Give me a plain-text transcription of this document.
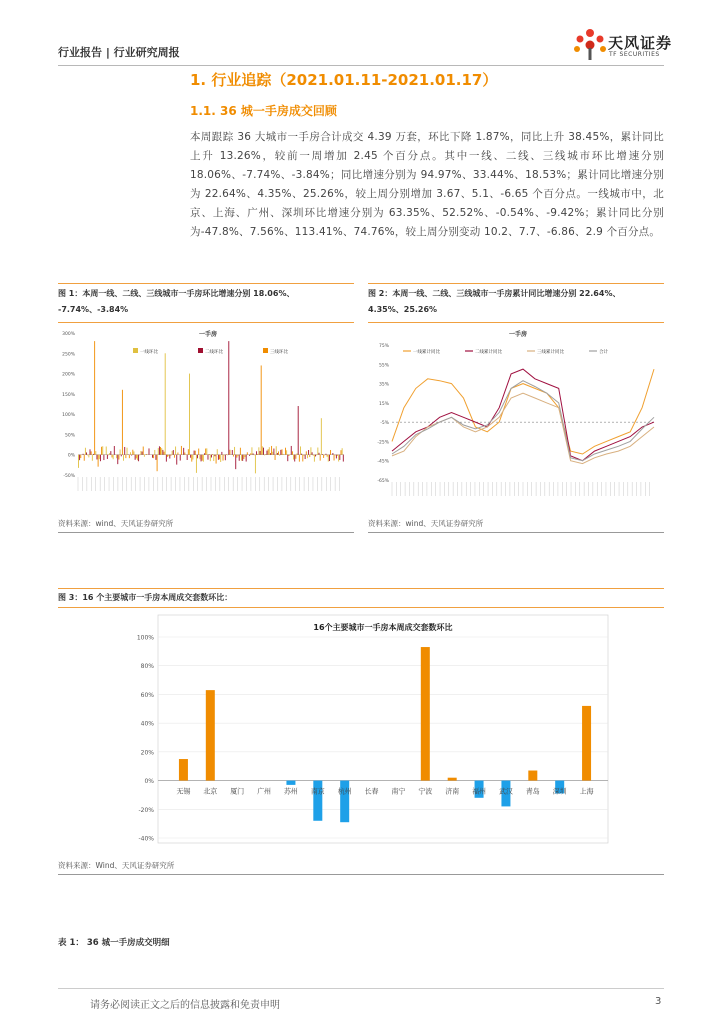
行业报告 | 行业研究周报
天风证券
TF SECURITIES
1. 行业追踪（2021.01.11-2021.01.17）
1.1. 36 城一手房成交回顾
本周跟踪 36 大城市一手房合计成交 4.39 万套，环比下降 1.87%，同比上升 38.45%，累计同比上升 13.26%，较前一周增加 2.45 个百分点。其中一线、二线、三线城市环比增速分别 18.06%、-7.74%、-3.84%；同比增速分别为 94.97%、33.44%、18.53%；累计同比增速分别为 22.64%、4.35%、25.26%，较上周分别增加 3.67、5.1、-6.65 个百分点。一线城市中，北京、上海、广州、深圳环比增速分别为 63.35%、52.52%、-0.54%、-9.42%；累计同比分别为-47.8%、7.56%、113.41%、74.76%，较上周分别变动 10.2、7.7、-6.86、2.9 个百分点。
图 1：本周一线、二线、三线城市一手房环比增速分别 18.06%、
-7.74%、-3.84%
一手房
300%
250%
200%
150%
100%
50%
0%
-50%
一线环比	二线环比	三线环比
资料来源：wind、天风证券研究所
图 2：本周一线、二线、三线城市一手房累计同比增速分别 22.64%、
4.35%、25.26%
一手房
75%
55%
35%
15%
-5%
-25%
-45%
-65%
一线累计同比	二线累计同比	三线累计同比	合计
资料来源：wind、天风证券研究所
图 3：16 个主要城市一手房本周成交套数环比：
16个主要城市一手房本周成交套数环比
100%
80%
60%
40%
20%
0%
-20%
-40%
无锡 北京 厦门 广州 苏州 南京 杭州 长春 南宁 宁波 济南 福州 武汉 青岛 深圳 上海
资料来源：Wind、天风证券研究所
表 1： 36 城一手房成交明细
请务必阅读正文之后的信息披露和免责申明	3
